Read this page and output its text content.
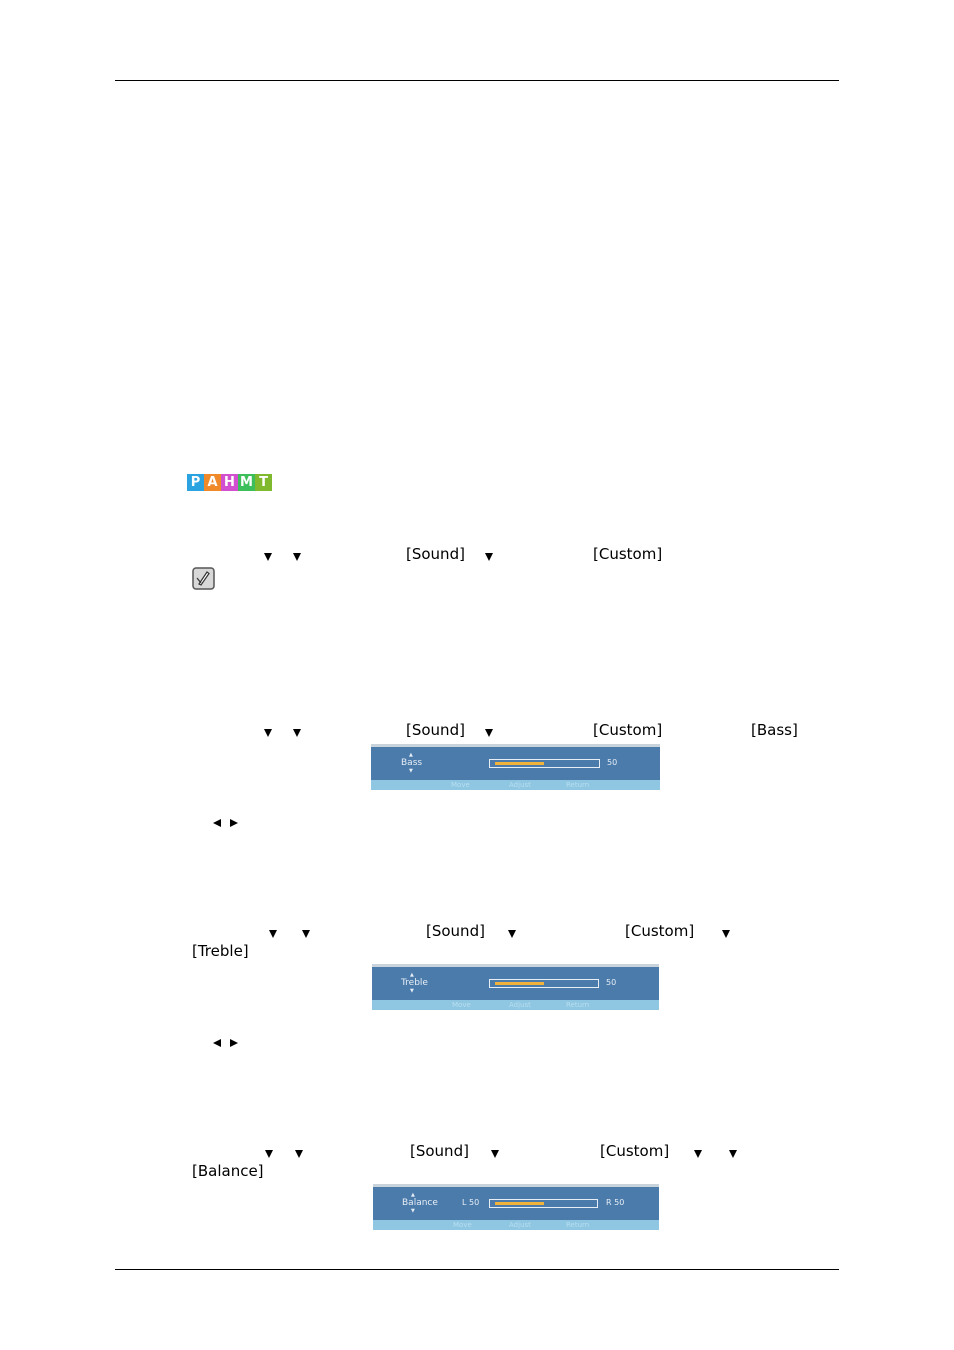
P A H M T
[Sound]	[Custom]
[Sound]	[Custom]	[Bass]
▲
Bass
▼
50
Move	Adjust	Return
[Sound]	[Custom]
[Treble]
▲
Treble
▼
50
Move	Adjust	Return
[Sound]	[Custom]
[Balance]
▲
Balance
▼
L 50	R 50
Move	Adjust	Return
